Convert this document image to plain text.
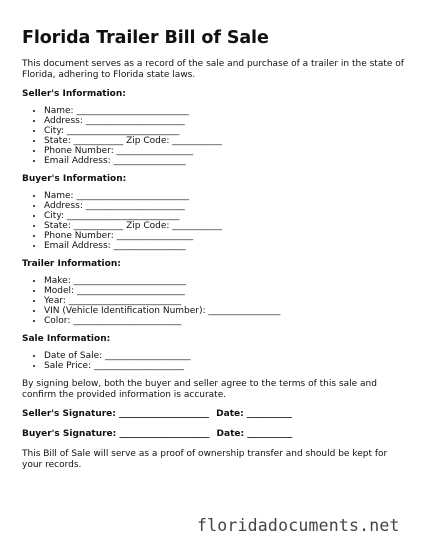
Florida Trailer Bill of Sale

This document serves as a record of the sale and purchase of a trailer in the state of Florida, adhering to Florida state laws.

Seller's Information:
• Name: _________________________
• Address: ______________________
• City: _________________________
• State: ___________ Zip Code: ___________
• Phone Number: _________________
• Email Address: ________________
Buyer's Information:
• Name: _________________________
• Address: ______________________
• City: _________________________
• State: ___________ Zip Code: ___________
• Phone Number: _________________
• Email Address: ________________
Trailer Information:
• Make: _________________________
• Model: ________________________
• Year: _________________________
• VIN (Vehicle Identification Number): ________________
• Color: ________________________
Sale Information:
• Date of Sale: ___________________
• Sale Price: ____________________

By signing below, both the buyer and seller agree to the terms of this sale and confirm the provided information is accurate.

Seller's Signature: ____________________ Date: __________
Buyer's Signature: ____________________ Date: __________

This Bill of Sale will serve as a proof of ownership transfer and should be kept for your records.

floridadocuments.net
